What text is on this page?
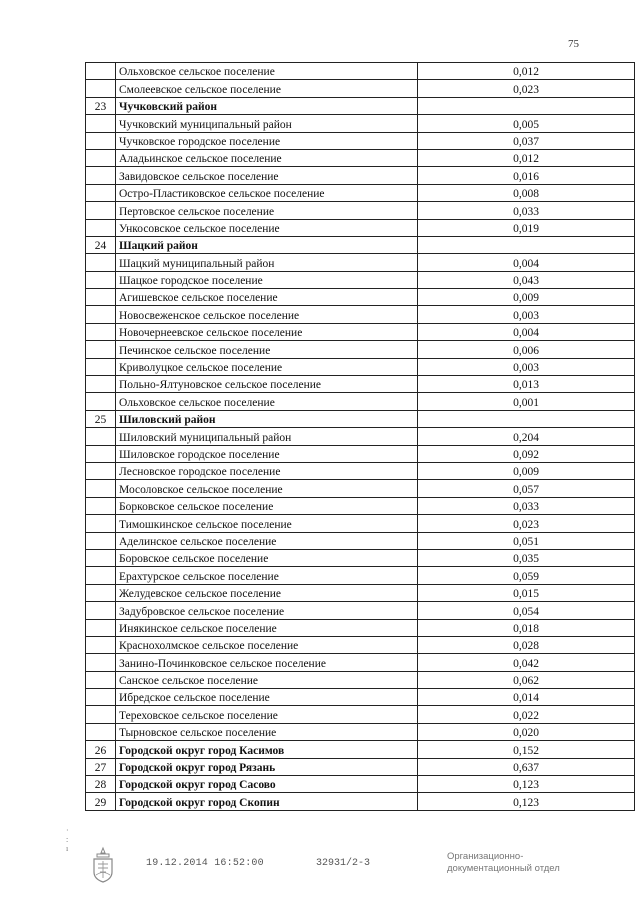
75
	Ольховское сельское поселение	0,012
	Смолеевское сельское поселение	0,023
23	Чучковский район	
	Чучковский муниципальный район	0,005
	Чучковское городское поселение	0,037
	Аладьинское сельское поселение	0,012
	Завидовское сельское поселение	0,016
	Остро-Пластиковское сельское поселение	0,008
	Пертовское сельское поселение	0,033
	Ункосовское сельское поселение	0,019
24	Шацкий район	
	Шацкий муниципальный район	0,004
	Шацкое городское поселение	0,043
	Агишевское сельское поселение	0,009
	Новосвеженское сельское поселение	0,003
	Новочернеевское сельское поселение	0,004
	Печинское сельское поселение	0,006
	Криволуцкое сельское поселение	0,003
	Польно-Ялтуновское сельское поселение	0,013
	Ольховское сельское поселение	0,001
25	Шиловский район	
	Шиловский муниципальный район	0,204
	Шиловское городское поселение	0,092
	Лесновское городское поселение	0,009
	Мосоловское сельское поселение	0,057
	Борковское сельское поселение	0,033
	Тимошкинское сельское поселение	0,023
	Аделинское сельское поселение	0,051
	Боровское сельское поселение	0,035
	Ерахтурское сельское поселение	0,059
	Желудевское сельское поселение	0,015
	Задубровское сельское поселение	0,054
	Инякинское сельское поселение	0,018
	Краснохолмское сельское поселение	0,028
	Занино-Починковское сельское поселение	0,042
	Санское сельское поселение	0,062
	Ибредское сельское поселение	0,014
	Тереховское сельское поселение	0,022
	Тырновское сельское поселение	0,020
26	Городской округ город Касимов	0,152
27	Городской округ город Рязань	0,637
28	Городской округ город Сасово	0,123
29	Городской округ город Скопин	0,123
·
:
ı
19.12.2014 16:52:00	32931/2-3
Организационно-
документационный отдел
